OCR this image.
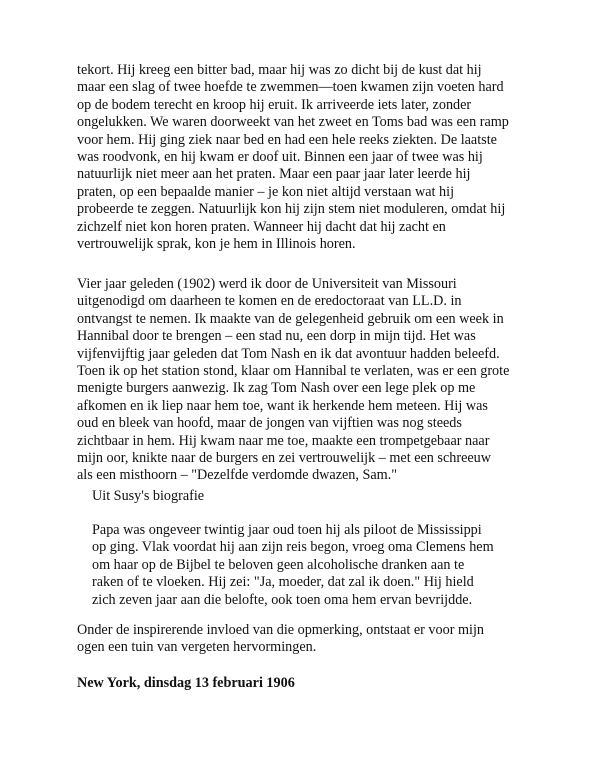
tekort. Hij kreeg een bitter bad, maar hij was zo dicht bij de kust dat hij
maar een slag of twee hoefde te zwemmen—toen kwamen zijn voeten hard
op de bodem terecht en kroop hij eruit. Ik arriveerde iets later, zonder
ongelukken. We waren doorweekt van het zweet en Toms bad was een ramp
voor hem. Hij ging ziek naar bed en had een hele reeks ziekten. De laatste
was roodvonk, en hij kwam er doof uit. Binnen een jaar of twee was hij
natuurlijk niet meer aan het praten. Maar een paar jaar later leerde hij
praten, op een bepaalde manier – je kon niet altijd verstaan wat hij
probeerde te zeggen. Natuurlijk kon hij zijn stem niet moduleren, omdat hij
zichzelf niet kon horen praten. Wanneer hij dacht dat hij zacht en
vertrouwelijk sprak, kon je hem in Illinois horen.
Vier jaar geleden (1902) werd ik door de Universiteit van Missouri
uitgenodigd om daarheen te komen en de eredoctoraat van LL.D. in
ontvangst te nemen. Ik maakte van de gelegenheid gebruik om een week in
Hannibal door te brengen – een stad nu, een dorp in mijn tijd. Het was
vijfenvijftig jaar geleden dat Tom Nash en ik dat avontuur hadden beleefd.
Toen ik op het station stond, klaar om Hannibal te verlaten, was er een grote
menigte burgers aanwezig. Ik zag Tom Nash over een lege plek op me
afkomen en ik liep naar hem toe, want ik herkende hem meteen. Hij was
oud en bleek van hoofd, maar de jongen van vijftien was nog steeds
zichtbaar in hem. Hij kwam naar me toe, maakte een trompetgebaar naar
mijn oor, knikte naar de burgers en zei vertrouwelijk – met een schreeuw
als een misthoorn – "Dezelfde verdomde dwazen, Sam."
Uit Susy's biografie
Papa was ongeveer twintig jaar oud toen hij als piloot de Mississippi
op ging. Vlak voordat hij aan zijn reis begon, vroeg oma Clemens hem
om haar op de Bijbel te beloven geen alcoholische dranken aan te
raken of te vloeken. Hij zei: "Ja, moeder, dat zal ik doen." Hij hield
zich zeven jaar aan die belofte, ook toen oma hem ervan bevrijdde.
Onder de inspirerende invloed van die opmerking, ontstaat er voor mijn
ogen een tuin van vergeten hervormingen.
New York, dinsdag 13 februari 1906
